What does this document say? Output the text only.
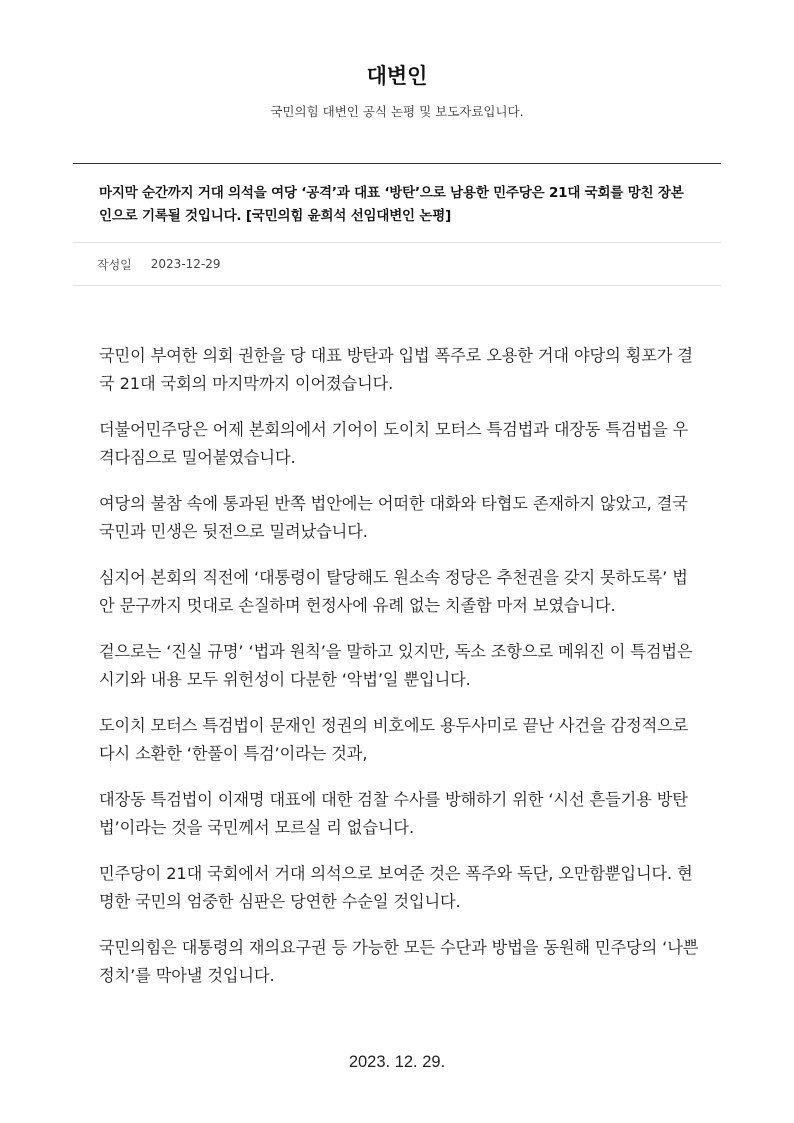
대변인

국민의힘 대변인 공식 논평 및 보도자료입니다.

마지막 순간까지 거대 의석을 여당 ‘공격’과 대표 ‘방탄’으로 남용한 민주당은 21대 국회를 망친 장본인으로 기록될 것입니다. [국민의힘 윤희석 선임대변인 논평]
작성일 2023-12-29

국민이 부여한 의회 권한을 당 대표 방탄과 입법 폭주로 오용한 거대 야당의 횡포가 결국 21대 국회의 마지막까지 이어졌습니다.

더불어민주당은 어제 본회의에서 기어이 도이치 모터스 특검법과 대장동 특검법을 우격다짐으로 밀어붙였습니다.

여당의 불참 속에 통과된 반쪽 법안에는 어떠한 대화와 타협도 존재하지 않았고, 결국 국민과 민생은 뒷전으로 밀려났습니다.

심지어 본회의 직전에 ‘대통령이 탈당해도 원소속 정당은 추천권을 갖지 못하도록’ 법안 문구까지 멋대로 손질하며 헌정사에 유례 없는 치졸함 마저 보였습니다.

겉으로는 ‘진실 규명’ ‘법과 원칙’을 말하고 있지만, 독소 조항으로 메워진 이 특검법은 시기와 내용 모두 위헌성이 다분한 ‘악법’일 뿐입니다.

도이치 모터스 특검법이 문재인 정권의 비호에도 용두사미로 끝난 사건을 감정적으로 다시 소환한 ‘한풀이 특검’이라는 것과,

대장동 특검법이 이재명 대표에 대한 검찰 수사를 방해하기 위한 ‘시선 흔들기용 방탄법’이라는 것을 국민께서 모르실 리 없습니다.

민주당이 21대 국회에서 거대 의석으로 보여준 것은 폭주와 독단, 오만함뿐입니다. 현명한 국민의 엄중한 심판은 당연한 수순일 것입니다.

국민의힘은 대통령의 재의요구권 등 가능한 모든 수단과 방법을 동원해 민주당의 ‘나쁜 정치’를 막아낼 것입니다.

2023. 12. 29.
